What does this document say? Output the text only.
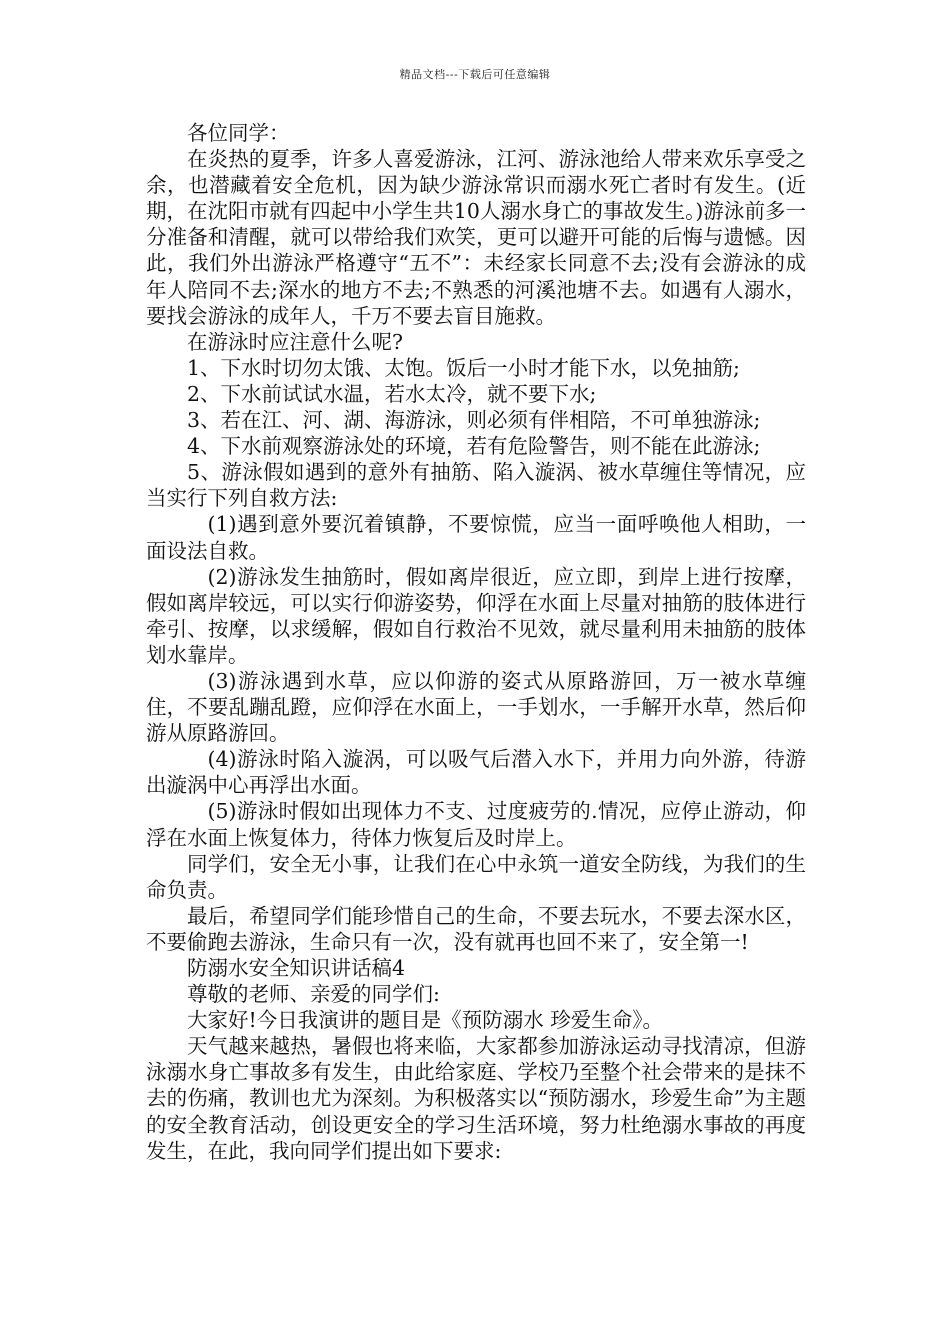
精品文档---下载后可任意编辑

各位同学：

在炎热的夏季，许多人喜爱游泳，江河、游泳池给人带来欢乐享受之余，也潜藏着安全危机，因为缺少游泳常识而溺水死亡者时有发生。(近期，在沈阳市就有四起中小学生共10人溺水身亡的事故发生。)游泳前多一分准备和清醒，就可以带给我们欢笑，更可以避开可能的后悔与遗憾。因此，我们外出游泳严格遵守“五不”：未经家长同意不去;没有会游泳的成年人陪同不去;深水的地方不去;不熟悉的河溪池塘不去。如遇有人溺水，要找会游泳的成年人，千万不要去盲目施救。

在游泳时应注意什么呢?

1、下水时切勿太饿、太饱。饭后一小时才能下水，以免抽筋;

2、下水前试试水温，若水太冷，就不要下水;

3、若在江、河、湖、海游泳，则必须有伴相陪，不可单独游泳;

4、下水前观察游泳处的环境，若有危险警告，则不能在此游泳;

5、游泳假如遇到的意外有抽筋、陷入漩涡、被水草缠住等情况，应当实行下列自救方法:

(1)遇到意外要沉着镇静，不要惊慌，应当一面呼唤他人相助，一面设法自救。

(2)游泳发生抽筋时，假如离岸很近，应立即，到岸上进行按摩，假如离岸较远，可以实行仰游姿势，仰浮在水面上尽量对抽筋的肢体进行牵引、按摩，以求缓解，假如自行救治不见效，就尽量利用未抽筋的肢体划水靠岸。

(3)游泳遇到水草，应以仰游的姿式从原路游回，万一被水草缠住，不要乱蹦乱蹬，应仰浮在水面上，一手划水，一手解开水草，然后仰游从原路游回。

(4)游泳时陷入漩涡，可以吸气后潜入水下，并用力向外游，待游出漩涡中心再浮出水面。

(5)游泳时假如出现体力不支、过度疲劳的.情况，应停止游动，仰浮在水面上恢复体力，待体力恢复后及时岸上。

同学们，安全无小事，让我们在心中永筑一道安全防线，为我们的生命负责。

最后，希望同学们能珍惜自己的生命，不要去玩水，不要去深水区，不要偷跑去游泳，生命只有一次，没有就再也回不来了，安全第一!

防溺水安全知识讲话稿4

尊敬的老师、亲爱的同学们:

大家好!今日我演讲的题目是《预防溺水 珍爱生命》。

天气越来越热，暑假也将来临，大家都参加游泳运动寻找清凉，但游泳溺水身亡事故多有发生，由此给家庭、学校乃至整个社会带来的是抹不去的伤痛，教训也尤为深刻。为积极落实以“预防溺水，珍爱生命”为主题的安全教育活动，创设更安全的学习生活环境，努力杜绝溺水事故的再度发生，在此，我向同学们提出如下要求:
